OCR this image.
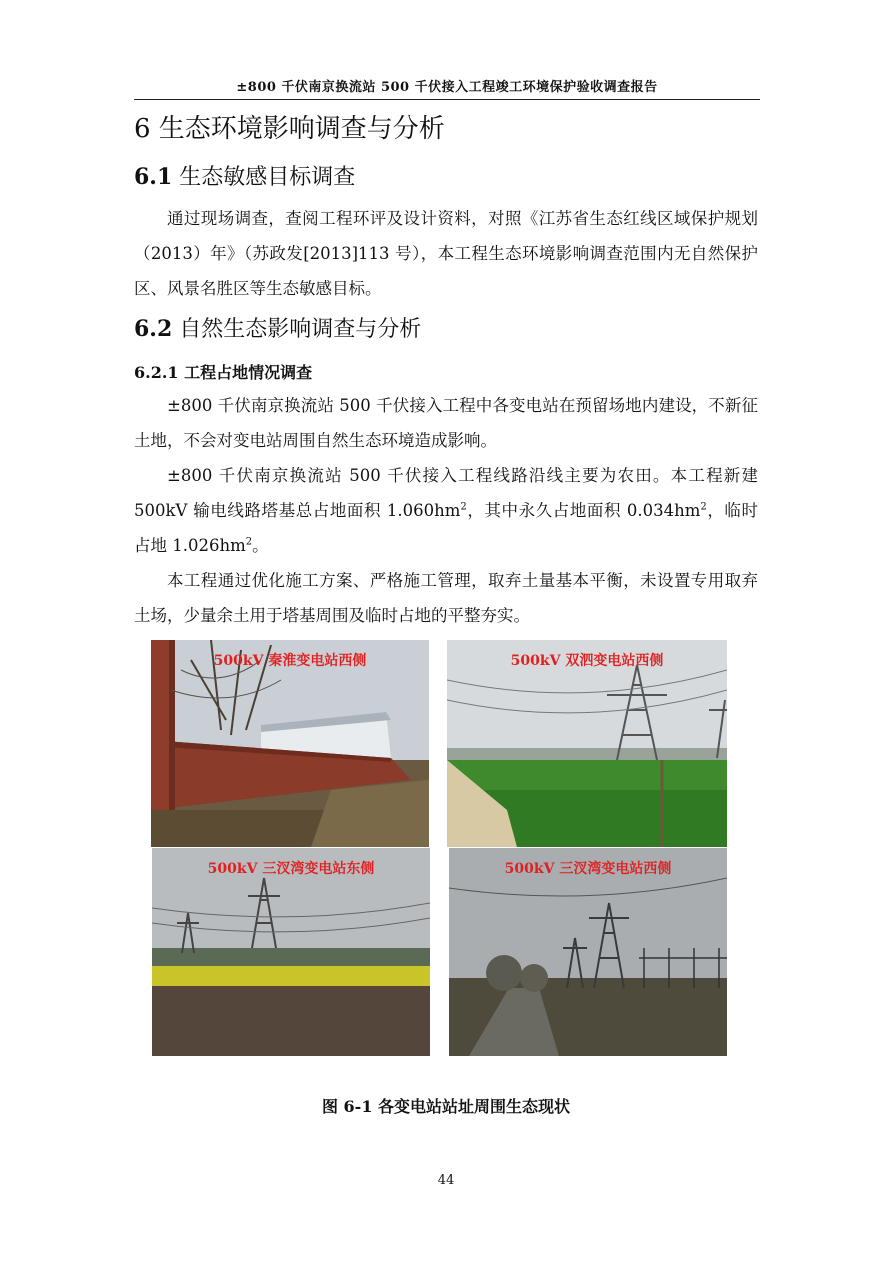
±800 千伏南京换流站 500 千伏接入工程竣工环境保护验收调查报告
6 生态环境影响调查与分析
6.1 生态敏感目标调查

通过现场调查，查阅工程环评及设计资料，对照《江苏省生态红线区域保护规划（2013）年》（苏政发[2013]113 号），本工程生态环境影响调查范围内无自然保护区、风景名胜区等生态敏感目标。

6.2 自然生态影响调查与分析
6.2.1 工程占地情况调查

±800 千伏南京换流站 500 千伏接入工程中各变电站在预留场地内建设，不新征土地，不会对变电站周围自然生态环境造成影响。

±800 千伏南京换流站 500 千伏接入工程线路沿线主要为农田。本工程新建 500kV 输电线路塔基总占地面积 $1.060hm^2$，其中永久占地面积 $0.034hm^2$，临时占地 $1.026hm^2$。

本工程通过优化施工方案、严格施工管理，取弃土量基本平衡，未设置专用取弃土场，少量余土用于塔基周围及临时占地的平整夯实。

500kV 秦淮变电站西侧	500kV 双泗变电站西侧
500kV 三汊湾变电站东侧	500kV 三汊湾变电站西侧
图 6-1 各变电站站址周围生态现状
44
